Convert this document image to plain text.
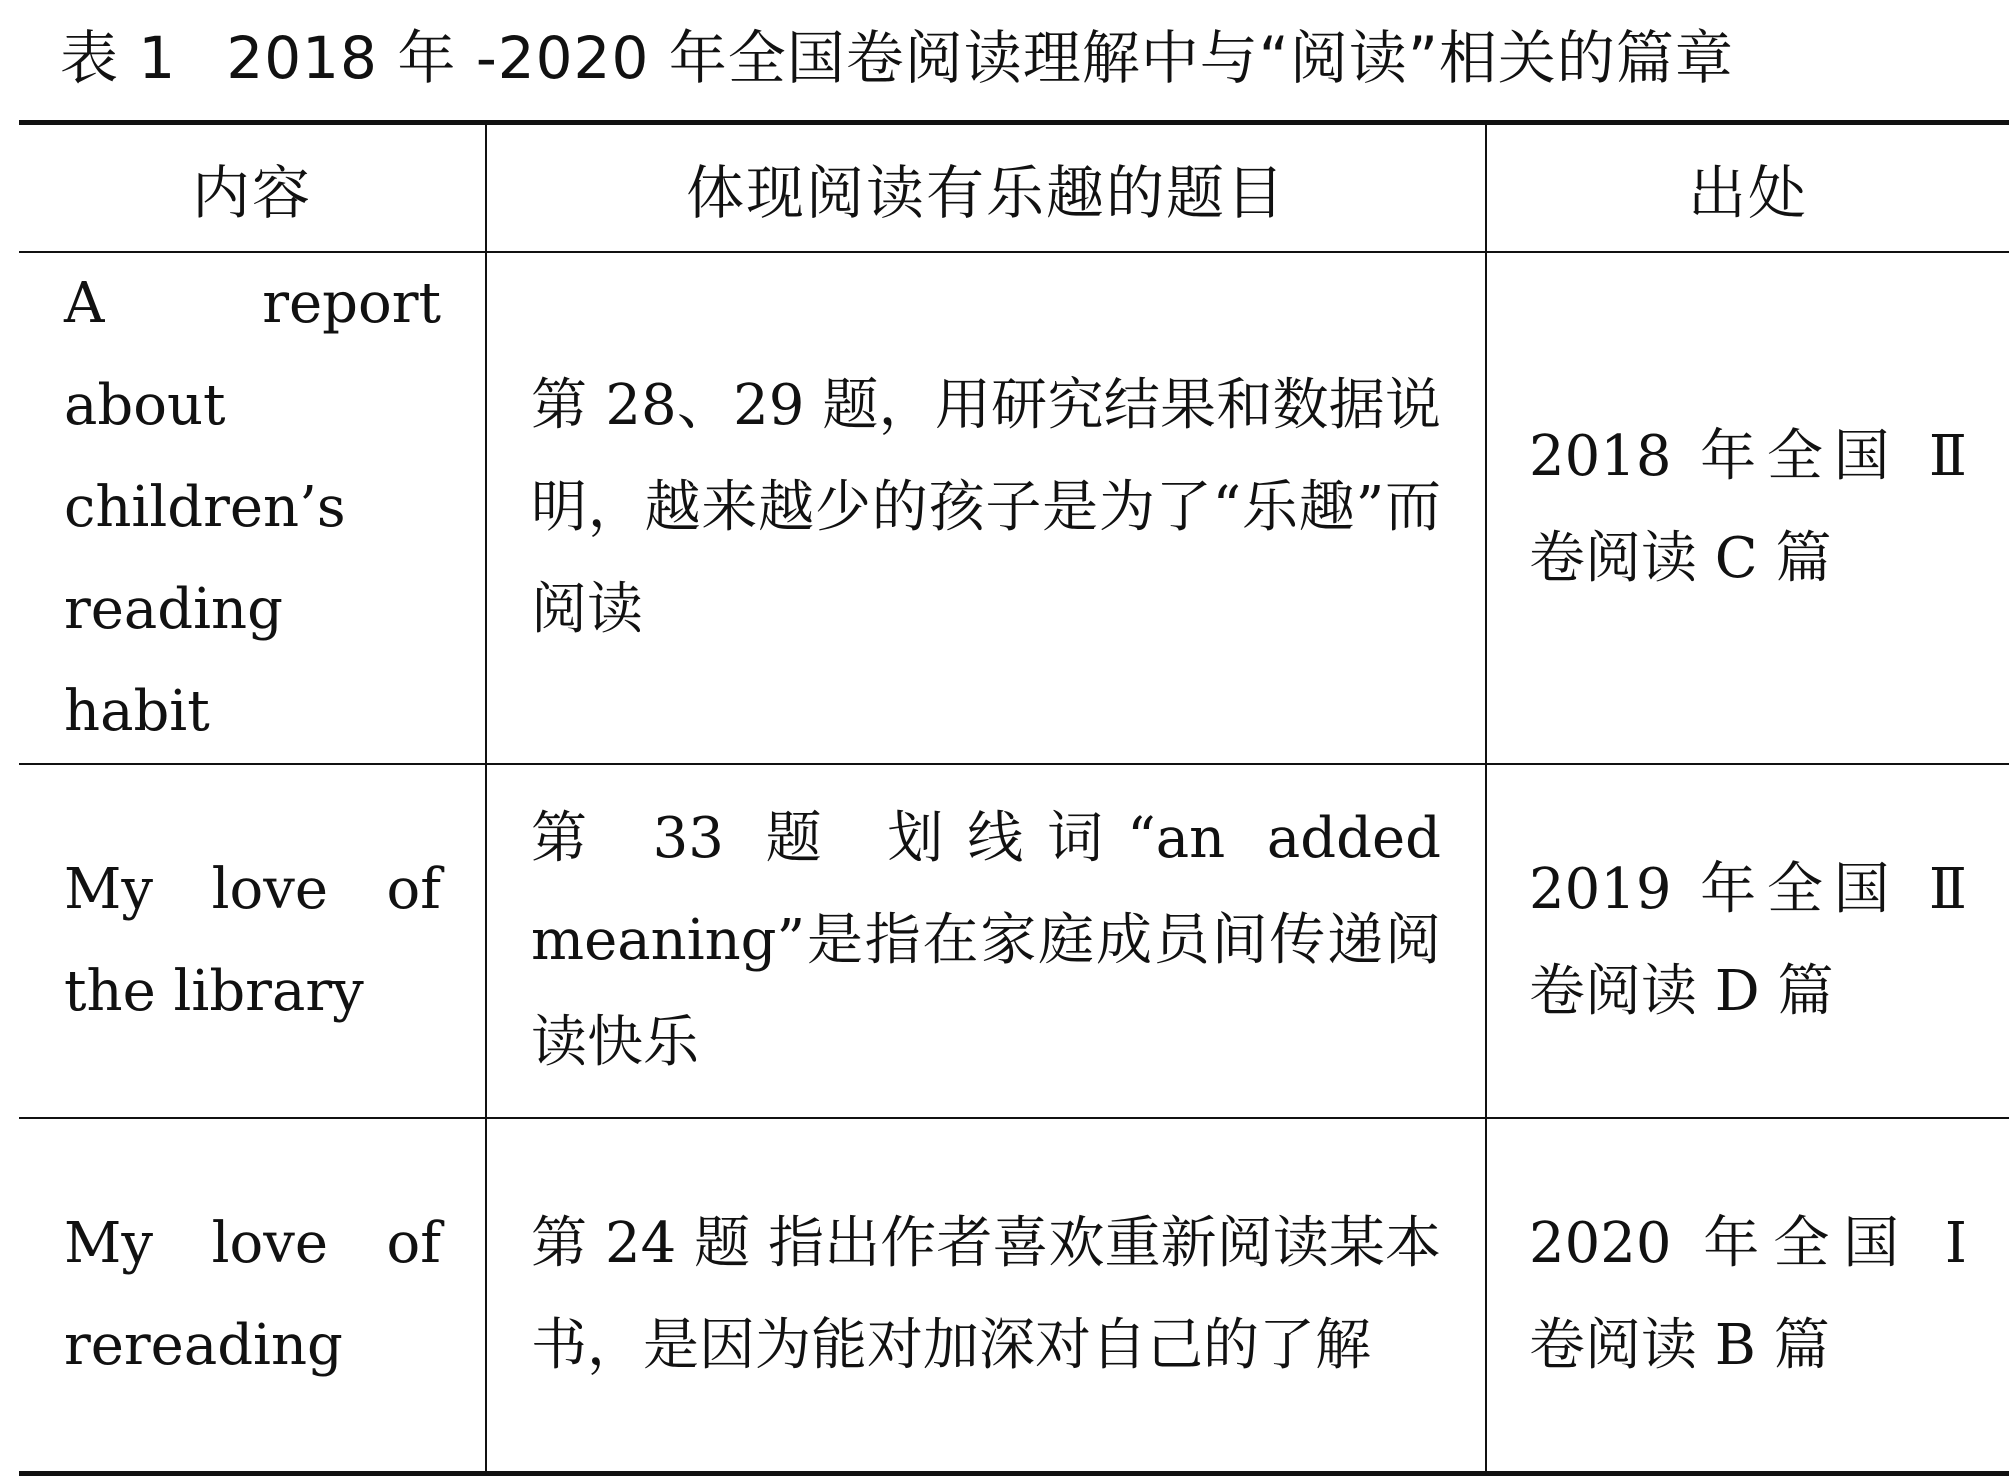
表 1 2018 年 -2020 年全国卷阅读理解中与“阅读”相关的篇章
内容	体现阅读有乐趣的题目	出处

A report about children’s reading habit	第 28、29 题，用研究结果和数据说明，越来越少的孩子是为了“乐趣”而阅读	2018 年全国 Ⅱ 卷阅读 C 篇

My love of the library	第 33 题 划线词“an added meaning”是指在家庭成员间传递阅读快乐	2019 年全国 Ⅱ 卷阅读 D 篇

My love of rereading	第 24 题 指出作者喜欢重新阅读某本书，是因为能对加深对自己的了解	2020 年全国 Ⅰ 卷阅读 B 篇
